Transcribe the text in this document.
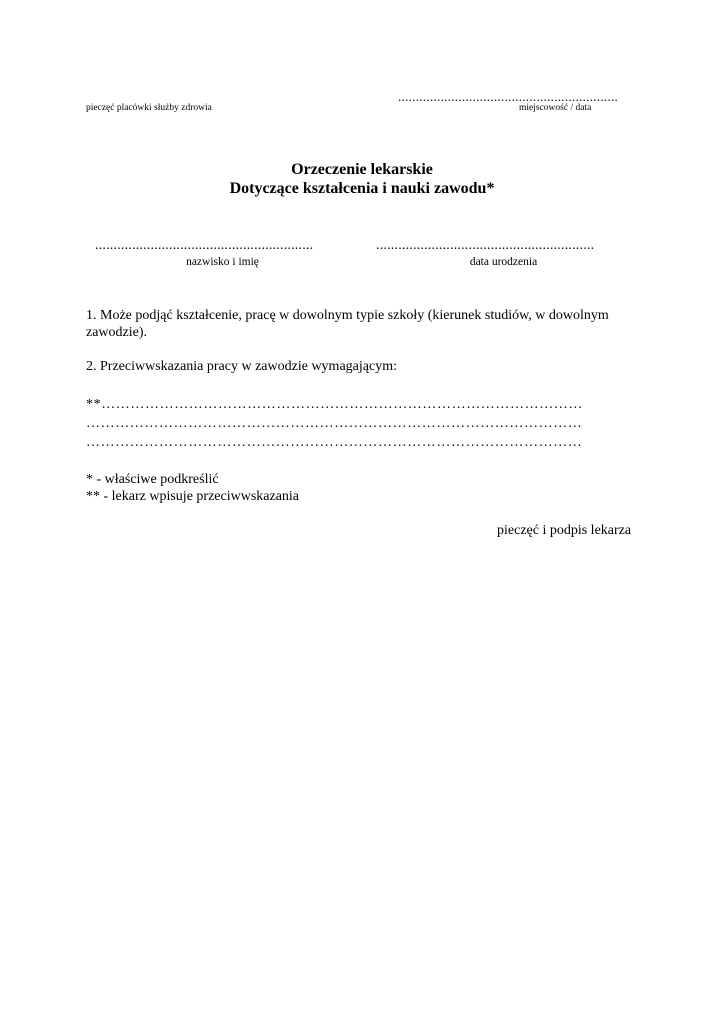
..............................................................
pieczęć placówki służby zdrowia	miejscowość / data
Orzeczenie lekarskie
Dotyczące kształcenia i nauki zawodu*
...........................................................	...........................................................
nazwisko i imię	data urodzenia
1. Może podjąć kształcenie, pracę w dowolnym typie szkoły (kierunek studiów, w dowolnym
zawodzie).
2. Przeciwwskazania pracy w zawodzie wymagającym:
**………………………………………………………………………………………
…………………………………………………………………………………………
…………………………………………………………………………………………
* - właściwe podkreślić
** - lekarz wpisuje przeciwwskazania
pieczęć i podpis lekarza
